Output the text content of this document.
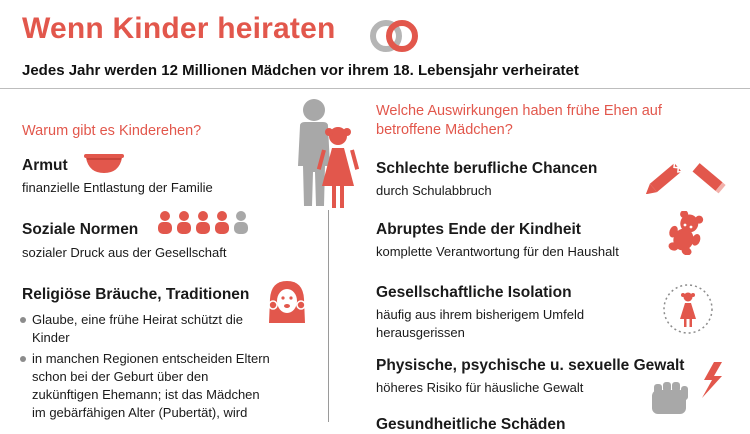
Wenn Kinder heiraten
Jedes Jahr werden 12 Millionen Mädchen vor ihrem 18. Lebensjahr verheiratet
Warum gibt es Kinderehen?
Armut
finanzielle Entlastung der Familie
Soziale Normen
sozialer Druck aus der Gesellschaft
Religiöse Bräuche, Traditionen
Glaube, eine frühe Heirat schützt die Kinder
in manchen Regionen entscheiden Eltern schon bei der Geburt über den zukünftigen Ehemann; ist das Mädchen im gebärfähigen Alter (Pubertät), wird
Welche Auswirkungen haben frühe Ehen auf betroffene Mädchen?
Schlechte berufliche Chancen
durch Schulabbruch
Abruptes Ende der Kindheit
komplette Verantwortung für den Haushalt
Gesellschaftliche Isolation
häufig aus ihrem bisherigem Umfeld herausgerissen
Physische, psychische u. sexuelle Gewalt
höheres Risiko für häusliche Gewalt
Gesundheitliche Schäden
